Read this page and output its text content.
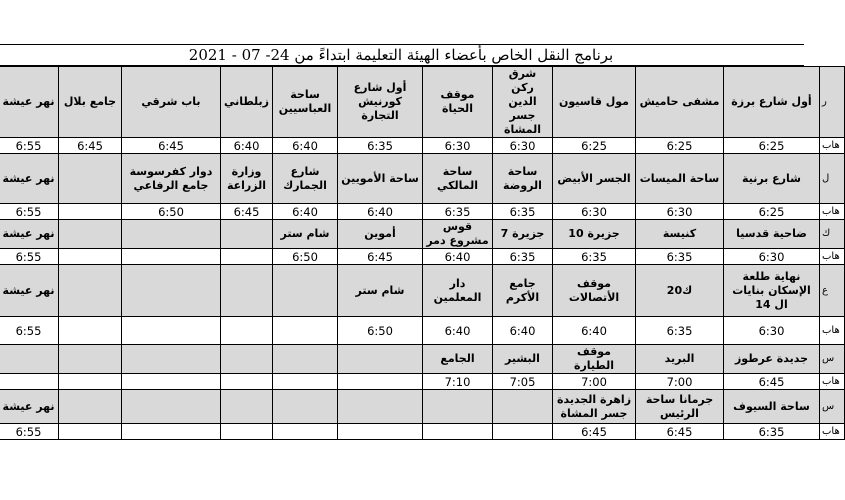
برنامج النقل الخاص بأعضاء الهيئة التعليمة ابتداءً من 24- 07 - 2021
ر	أول شارع برزة	مشفى حاميش	مول قاسيون	شرق ركن الدين جسر المشاة	موقف الحياة	أول شارع كورنيش التجارة	ساحة العباسيين	زبلطاني	باب شرقي	جامع بلال	نهر عيشة
هاب	6:25	6:25	6:25	6:30	6:30	6:35	6:40	6:40	6:45	6:45	6:55
ل	شارع برنية	ساحة الميسات	الجسر الأبيض	ساحة الروضة	ساحة المالكي	ساحة الأمويين	شارع الجمارك	وزارة الزراعة	دوار كفرسوسة جامع الرفاعي		نهر عيشة
هاب	6:25	6:30	6:30	6:35	6:35	6:40	6:40	6:45	6:50		6:55
ك	ضاحية قدسيا	كنيسة	جزيرة 10	جزيرة 7	قوس مشروع دمر	أموين	شام ستر				نهر عيشة
هاب	6:30	6:35	6:35	6:35	6:40	6:45	6:50				6:55
ع	نهاية طلعة الإسكان بنايات ال 14	ك20	موقف الأتصالات	جامع الأكرم	دار المعلمين	شام ستر					نهر عيشة
هاب	6:30	6:35	6:40	6:40	6:40	6:50					6:55
س	جديدة عرطوز	البريد	موقف الطيارة	البشير	الجامع						
هاب	6:45	7:00	7:00	7:05	7:10						
س	ساحة السيوف	جرمانا ساحة الرئيس	زاهرة الجديدة جسر المشاة								نهر عيشة
هاب	6:35	6:45	6:45								6:55
